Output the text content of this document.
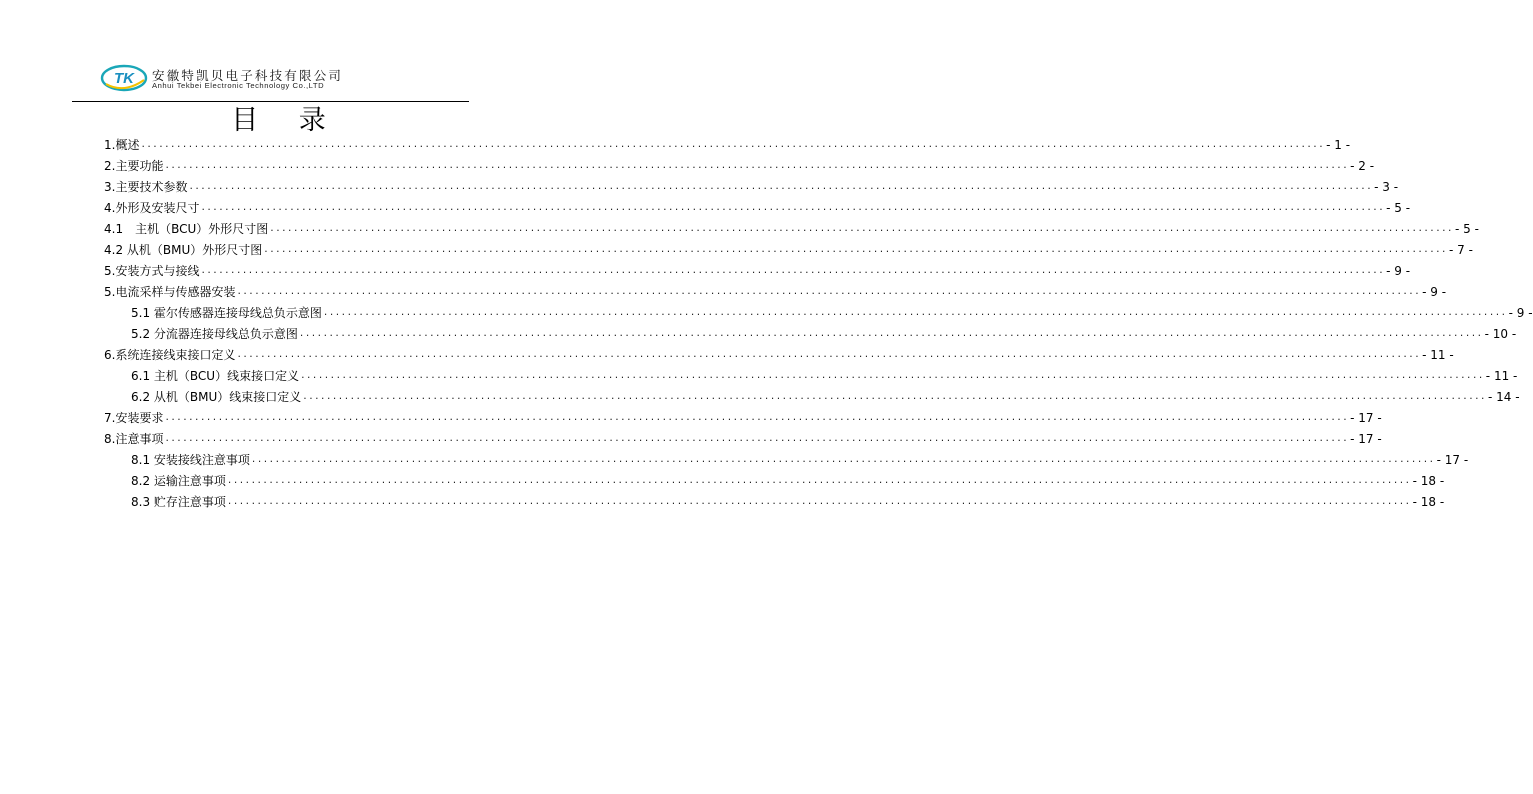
TK 安徽特凯贝电子科技有限公司
Anhui Tekbei Electronic Technology Co.,LTD
目 录
1.概述 ........................................................................................................................................................................................................ - 1 -
2.主要功能 ........................................................................................................................................................................................................ - 2 -
3.主要技术参数 ........................................................................................................................................................................................................ - 3 -
4.外形及安装尺寸 ........................................................................................................................................................................................................ - 5 -
4.1　主机（BCU）外形尺寸图 ........................................................................................................................................................................................................ - 5 -
4.2 从机（BMU）外形尺寸图 ........................................................................................................................................................................................................ - 7 -
5.安装方式与接线 ........................................................................................................................................................................................................ - 9 -
5.电流采样与传感器安装 ........................................................................................................................................................................................................ - 9 -
5.1 霍尔传感器连接母线总负示意图 ........................................................................................................................................................................................................ - 9 -
5.2 分流器连接母线总负示意图 ........................................................................................................................................................................................................ - 10 -
6.系统连接线束接口定义 ........................................................................................................................................................................................................ - 11 -
6.1 主机（BCU）线束接口定义 ........................................................................................................................................................................................................ - 11 -
6.2 从机（BMU）线束接口定义 ........................................................................................................................................................................................................ - 14 -
7.安装要求 ........................................................................................................................................................................................................ - 17 -
8.注意事项 ........................................................................................................................................................................................................ - 17 -
8.1 安装接线注意事项 ........................................................................................................................................................................................................ - 17 -
8.2 运输注意事项 ........................................................................................................................................................................................................ - 18 -
8.3 贮存注意事项 ........................................................................................................................................................................................................ - 18 -
